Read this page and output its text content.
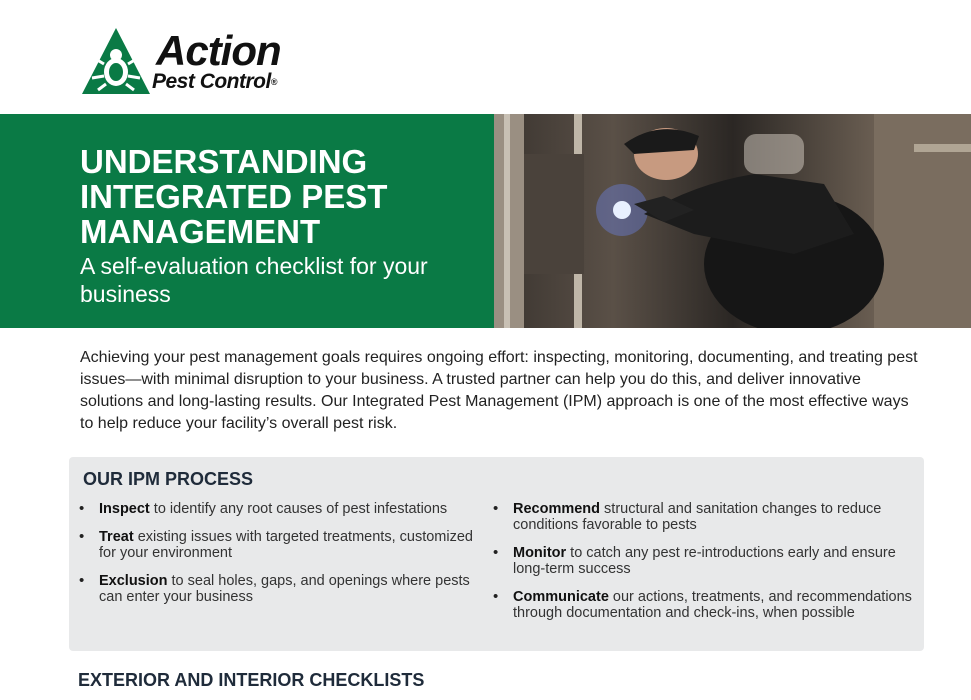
Action
Pest Control®
UNDERSTANDING INTEGRATED PEST MANAGEMENT

A self-evaluation checklist for your business

Achieving your pest management goals requires ongoing effort: inspecting, monitoring, documenting, and treating pest issues—with minimal disruption to your business. A trusted partner can help you do this, and deliver innovative solutions and long-lasting results. Our Integrated Pest Management (IPM) approach is one of the most effective ways to help reduce your facility’s overall pest risk.

OUR IPM PROCESS
• Inspect to identify any root causes of pest infestations
• Treat existing issues with targeted treatments, customized for your environment
• Exclusion to seal holes, gaps, and openings where pests can enter your business
• Recommend structural and sanitation changes to reduce conditions favorable to pests
• Monitor to catch any pest re-introductions early and ensure long-term success
• Communicate our actions, treatments, and recommendations through documentation and check-ins, when possible
EXTERIOR AND INTERIOR CHECKLISTS
